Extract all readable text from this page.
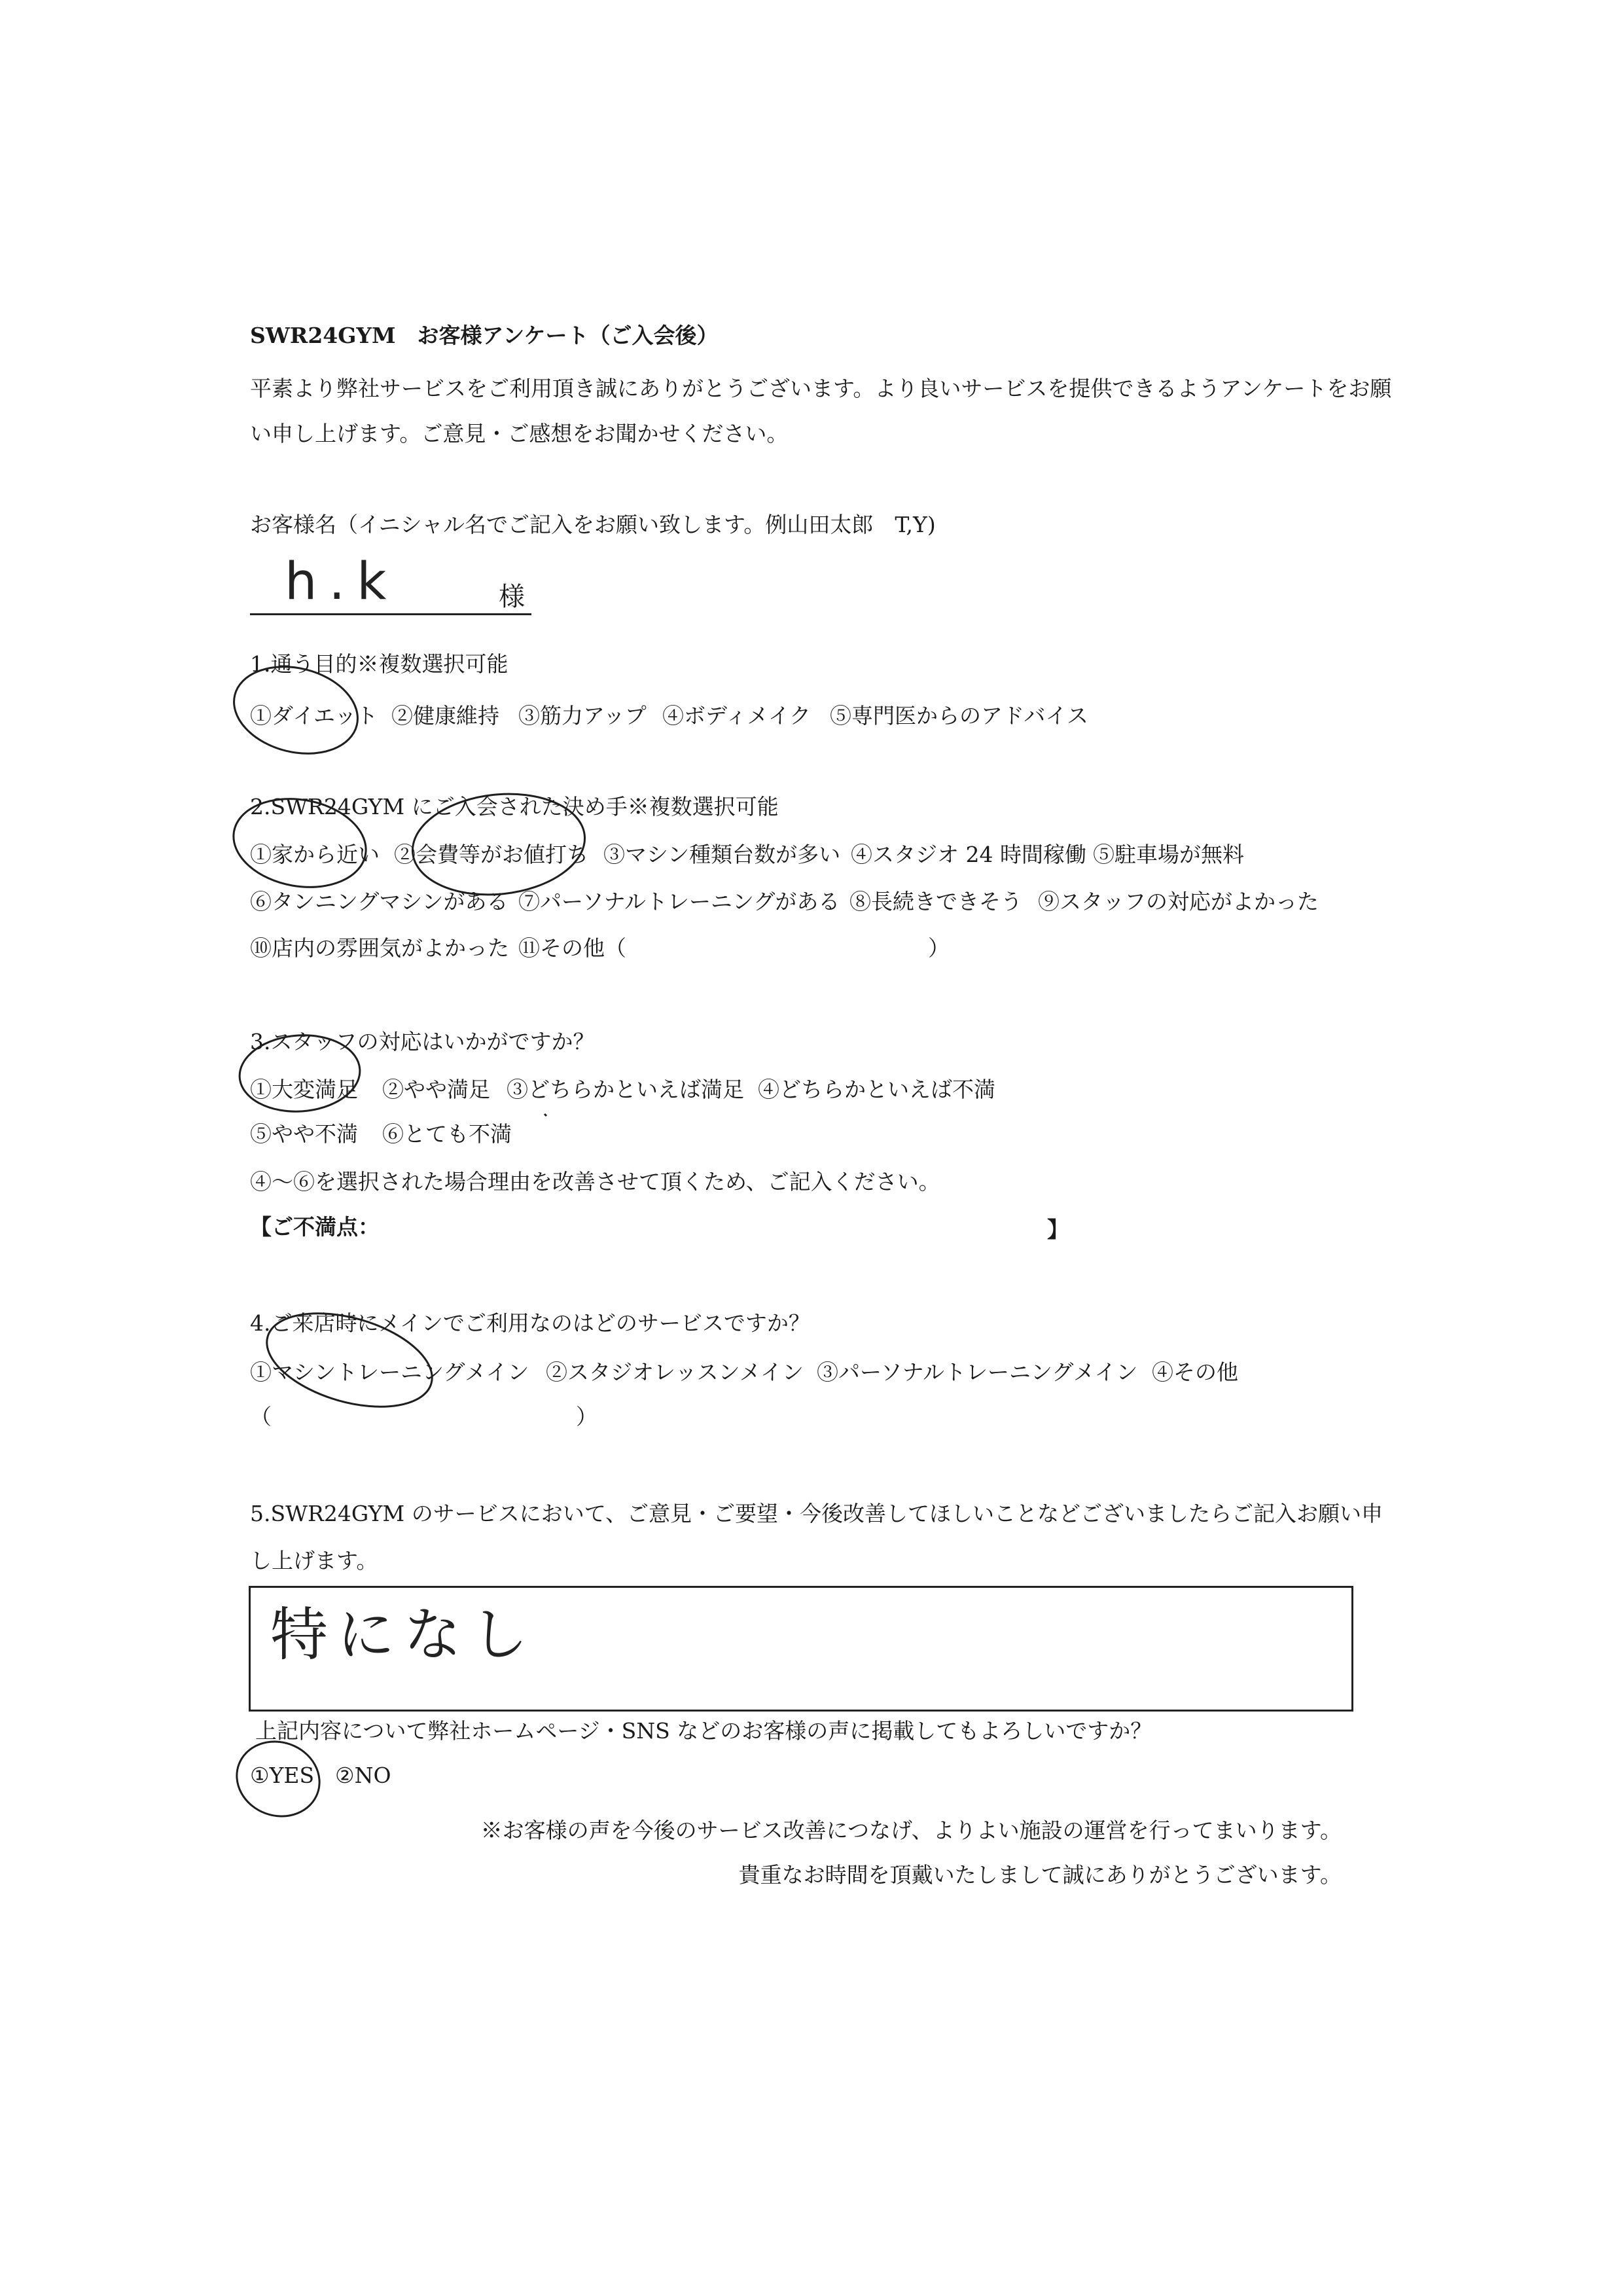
SWR24GYM　お客様アンケート（ご入会後）
平素より弊社サービスをご利用頂き誠にありがとうございます。より良いサービスを提供できるようアンケートをお願
い申し上げます。ご意見・ご感想をお聞かせください。
お客様名（イニシャル名でご記入をお願い致します。例山田太郎　T,Y)
h.k	様
1.通う目的※複数選択可能
①ダイエット ②健康維持 ③筋力アップ ④ボディメイク ⑤専門医からのアドバイス
2.SWR24GYM にご入会された決め手※複数選択可能
①家から近い ②会費等がお値打ち ③マシン種類台数が多い ④スタジオ 24 時間稼働 ⑤駐車場が無料
⑥タンニングマシンがある ⑦パーソナルトレーニングがある ⑧長続きできそう ⑨スタッフの対応がよかった
⑩店内の雰囲気がよかった ⑪その他（	）
3.スタッフの対応はいかがですか？
①大変満足 ②やや満足 ③どちらかといえば満足 ④どちらかといえば不満
⑤やや不満 ⑥とても不満
④～⑥を選択された場合理由を改善させて頂くため、ご記入ください。
【ご不満点：	】
4.ご来店時にメインでご利用なのはどのサービスですか？
①マシントレーニングメイン ②スタジオレッスンメイン ③パーソナルトレーニングメイン ④その他
（	）
5.SWR24GYM のサービスにおいて、ご意見・ご要望・今後改善してほしいことなどございましたらご記入お願い申
し上げます。
特になし
上記内容について弊社ホームページ・SNS などのお客様の声に掲載してもよろしいですか？
①YES ②NO
※お客様の声を今後のサービス改善につなげ、よりよい施設の運営を行ってまいります。
貴重なお時間を頂戴いたしまして誠にありがとうございます。
